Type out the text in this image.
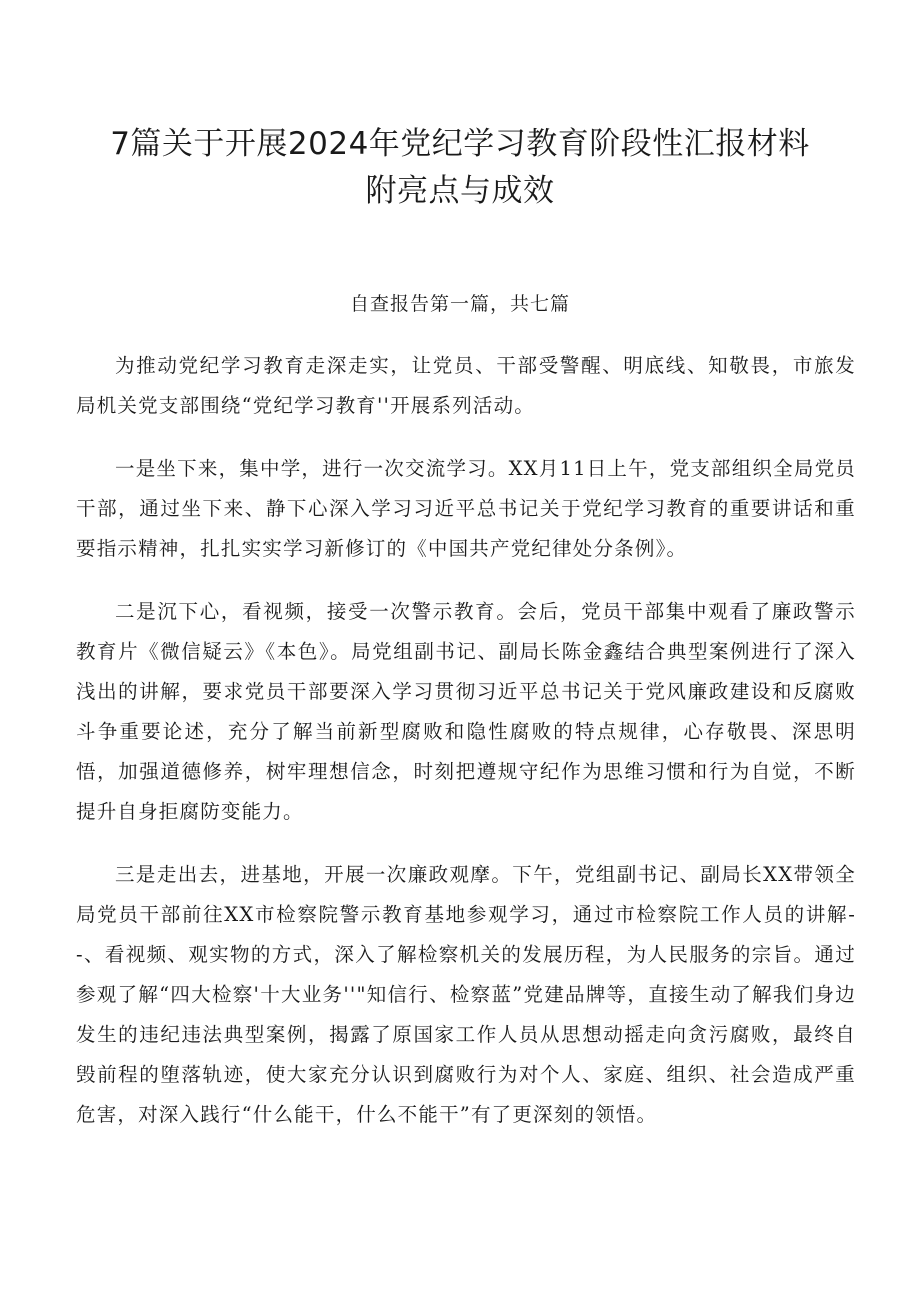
7篇关于开展2024年党纪学习教育阶段性汇报材料
附亮点与成效
自查报告第一篇，共七篇

为推动党纪学习教育走深走实，让党员、干部受警醒、明底线、知敬畏，市旅发局机关党支部围绕“党纪学习教育''开展系列活动。

一是坐下来，集中学，进行一次交流学习。XX月11日上午，党支部组织全局党员干部，通过坐下来、静下心深入学习习近平总书记关于党纪学习教育的重要讲话和重要指示精神，扎扎实实学习新修订的《中国共产党纪律处分条例》。

二是沉下心，看视频，接受一次警示教育。会后，党员干部集中观看了廉政警示教育片《微信疑云》《本色》。局党组副书记、副局长陈金鑫结合典型案例进行了深入浅出的讲解，要求党员干部要深入学习贯彻习近平总书记关于党风廉政建设和反腐败斗争重要论述，充分了解当前新型腐败和隐性腐败的特点规律，心存敬畏、深思明悟，加强道德修养，树牢理想信念，时刻把遵规守纪作为思维习惯和行为自觉，不断提升自身拒腐防变能力。

三是走出去，进基地，开展一次廉政观摩。下午，党组副书记、副局长XX带领全局党员干部前往XX市检察院警示教育基地参观学习，通过市检察院工作人员的讲解--、看视频、观实物的方式，深入了解检察机关的发展历程，为人民服务的宗旨。通过参观了解“四大检察'十大业务''"知信行、检察蓝”党建品牌等，直接生动了解我们身边发生的违纪违法典型案例，揭露了原国家工作人员从思想动摇走向贪污腐败，最终自毁前程的堕落轨迹，使大家充分认识到腐败行为对个人、家庭、组织、社会造成严重危害，对深入践行“什么能干，什么不能干”有了更深刻的领悟。
